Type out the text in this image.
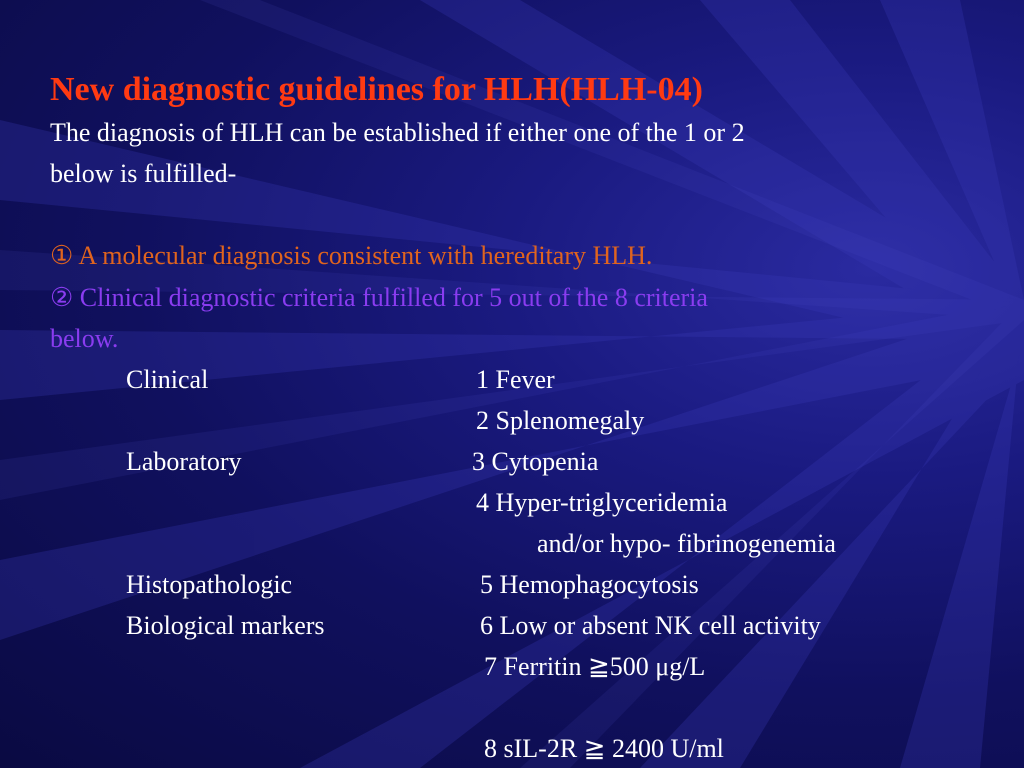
New diagnostic guidelines for HLH(HLH-04)
The diagnosis of HLH can be established if either one of the 1 or 2
below is fulfilled-
① A molecular diagnosis consistent with hereditary HLH.
② Clinical diagnostic criteria fulfilled for 5 out of the 8 criteria
below.
Clinical
Laboratory
Histopathologic
Biological markers
1 Fever
2 Splenomegaly
3 Cytopenia
4 Hyper-triglyceridemia
and/or hypo- fibrinogenemia
5 Hemophagocytosis
6 Low or absent NK cell activity
7 Ferritin ≧500 μg/L
8 sIL-2R ≧ 2400 U/ml
